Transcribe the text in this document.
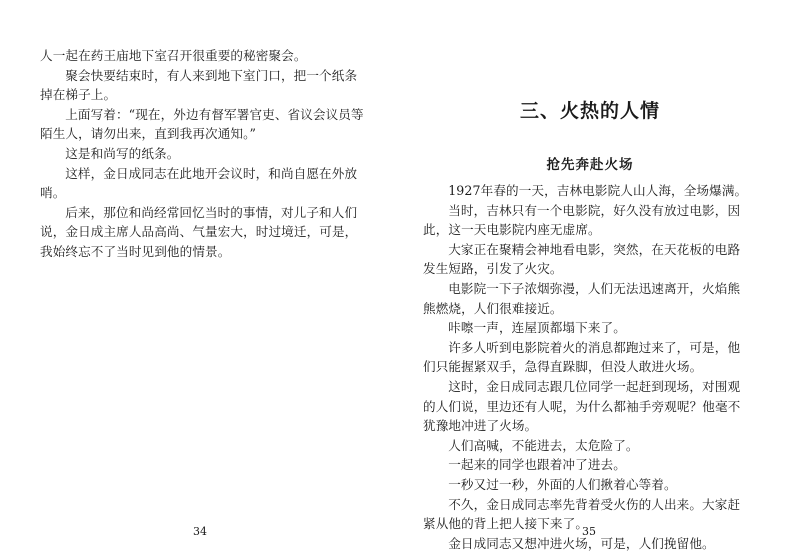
人一起在药王庙地下室召开很重要的秘密聚会。

聚会快要结束时，有人来到地下室门口，把一个纸条掉在梯子上。

上面写着：“现在，外边有督军署官吏、省议会议员等陌生人，请勿出来，直到我再次通知。”

这是和尚写的纸条。

这样，金日成同志在此地开会议时，和尚自愿在外放哨。

后来，那位和尚经常回忆当时的事情，对儿子和人们说，金日成主席人品高尚、气量宏大，时过境迁，可是，我始终忘不了当时见到他的情景。

34
三、火热的人情
抢先奔赴火场

1927年春的一天，吉林电影院人山人海，全场爆满。

当时，吉林只有一个电影院，好久没有放过电影，因此，这一天电影院内座无虚席。

大家正在聚精会神地看电影，突然，在天花板的电路发生短路，引发了火灾。

电影院一下子浓烟弥漫，人们无法迅速离开，火焰熊熊燃烧，人们很难接近。

咔嚓一声，连屋顶都塌下来了。

许多人听到电影院着火的消息都跑过来了，可是，他们只能握紧双手，急得直跺脚，但没人敢进火场。

这时，金日成同志跟几位同学一起赶到现场，对围观的人们说，里边还有人呢，为什么都袖手旁观呢？他毫不犹豫地冲进了火场。

人们高喊，不能进去，太危险了。

一起来的同学也跟着冲了进去。

一秒又过一秒，外面的人们揪着心等着。

不久，金日成同志率先背着受火伤的人出来。大家赶紧从他的背上把人接下来了。

金日成同志又想冲进火场，可是，人们挽留他。

35
